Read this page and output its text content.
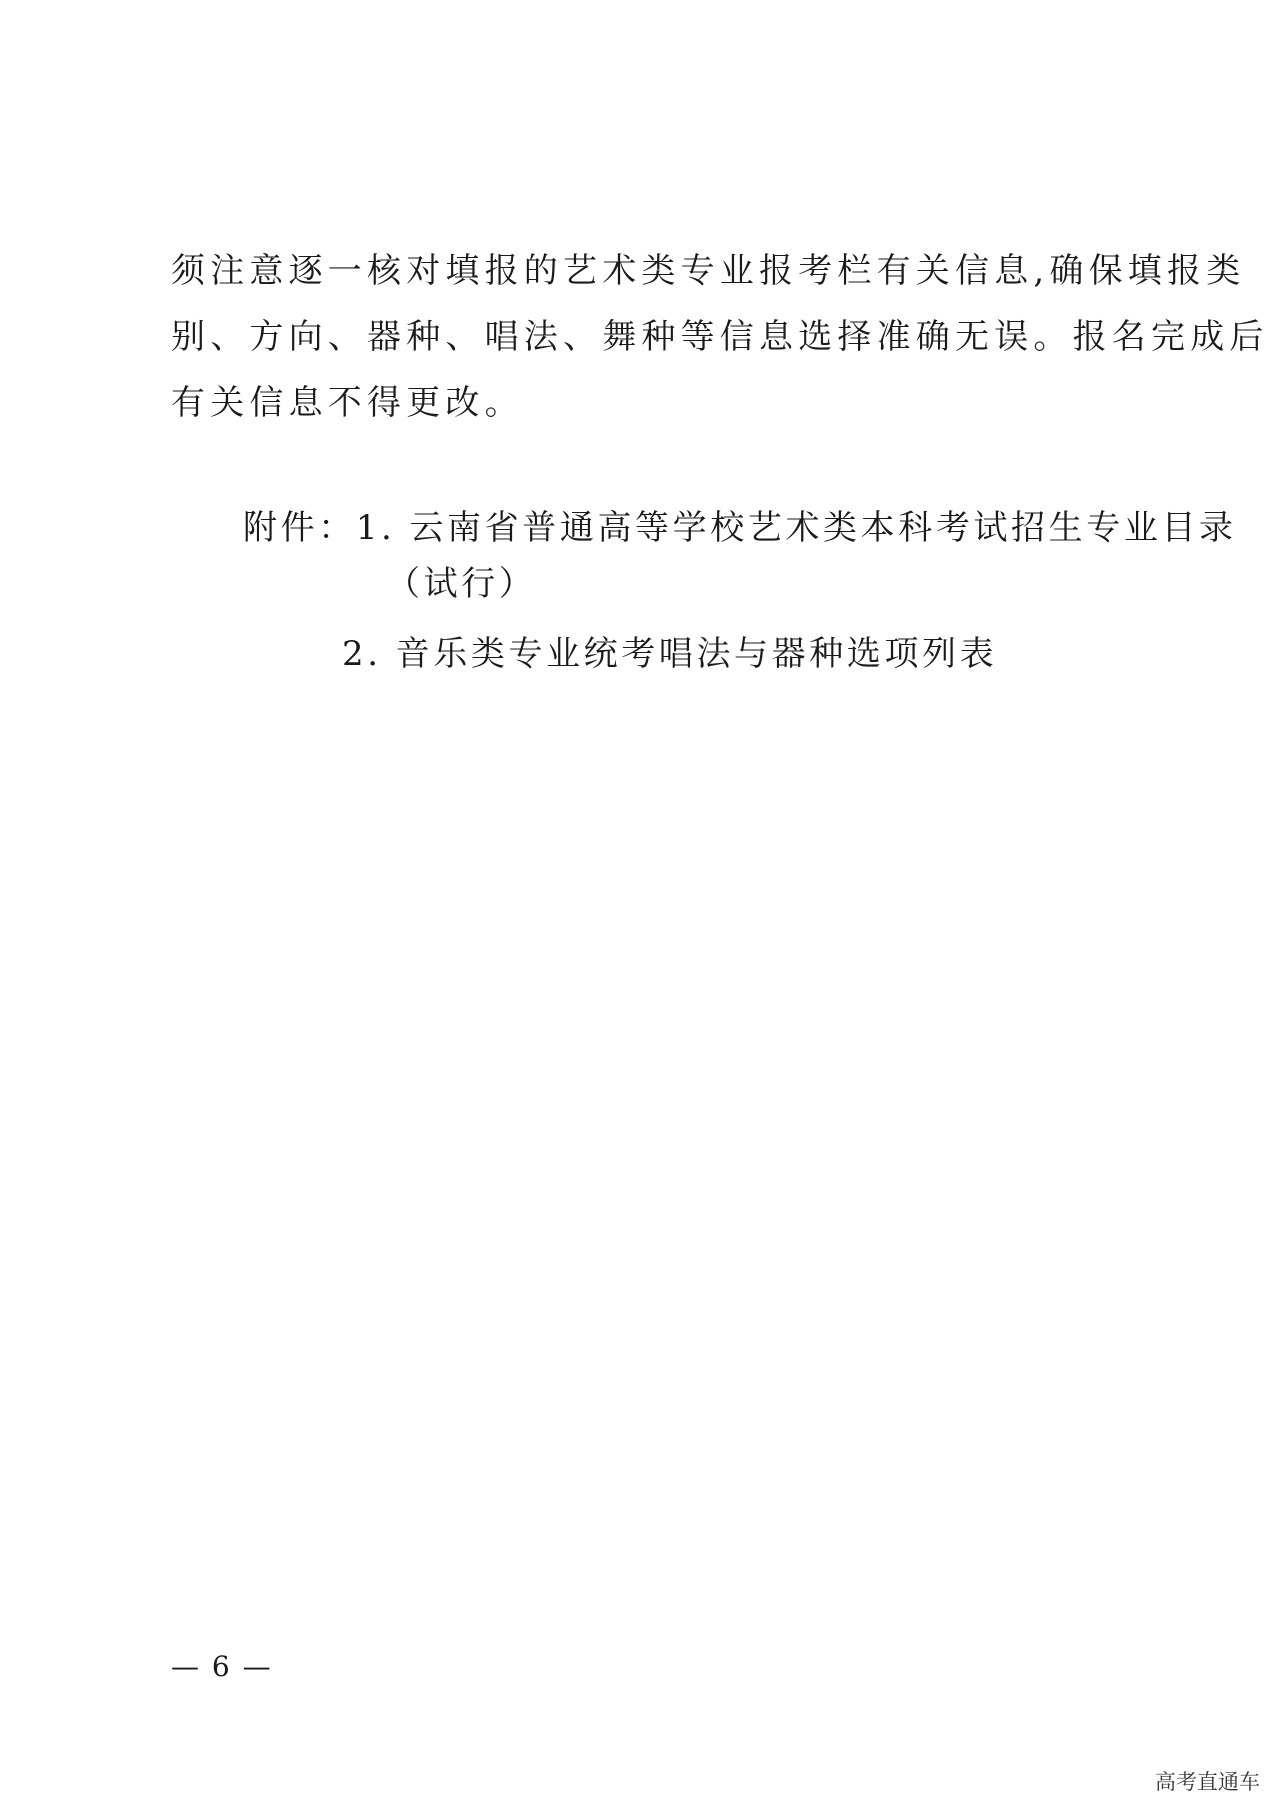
须注意逐一核对填报的艺术类专业报考栏有关信息,确保填报类
别、方向、器种、唱法、舞种等信息选择准确无误。报名完成后
有关信息不得更改。
附件：1. 云南省普通高等学校艺术类本科考试招生专业目录
（试行）
2. 音乐类专业统考唱法与器种选项列表
— 6 —
高考直通车
